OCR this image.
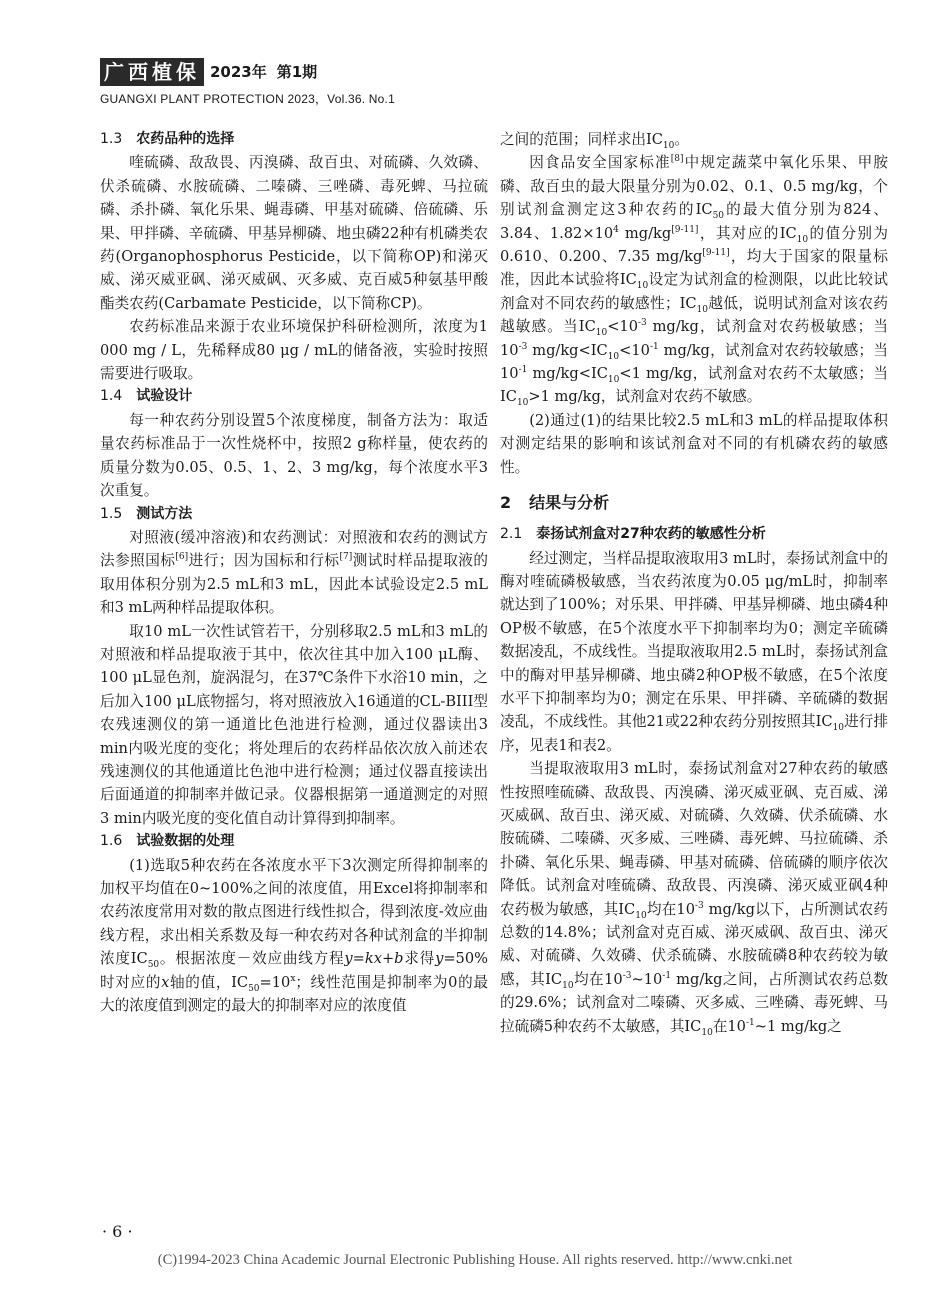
广西植保 2023年 第1期
GUANGXI PLANT PROTECTION 2023，Vol.36. No.1
1.3 农药品种的选择

喹硫磷、敌敌畏、丙溴磷、敌百虫、对硫磷、久效磷、伏杀硫磷、水胺硫磷、二嗪磷、三唑磷、毒死蜱、马拉硫磷、杀扑磷、氧化乐果、蝇毒磷、甲基对硫磷、倍硫磷、乐果、甲拌磷、辛硫磷、甲基异柳磷、地虫磷22种有机磷类农药(Organophosphorus Pesticide，以下简称OP)和涕灭威、涕灭威亚砜、涕灭威砜、灭多威、克百威5种氨基甲酸酯类农药(Carbamate Pesticide，以下简称CP)。

农药标准品来源于农业环境保护科研检测所，浓度为1 000 mg / L，先稀释成80 μg / mL的储备液，实验时按照需要进行吸取。

1.4 试验设计

每一种农药分别设置5个浓度梯度，制备方法为：取适量农药标准品于一次性烧杯中，按照2 g称样量，使农药的质量分数为0.05、0.5、1、2、3 mg/kg，每个浓度水平3次重复。

1.5 测试方法

对照液(缓冲溶液)和农药测试：对照液和农药的测试方法参照国标[6]进行；因为国标和行标[7]测试时样品提取液的取用体积分别为2.5 mL和3 mL，因此本试验设定2.5 mL和3 mL两种样品提取体积。

取10 mL一次性试管若干，分别移取2.5 mL和3 mL的对照液和样品提取液于其中，依次往其中加入100 μL酶、100 μL显色剂，旋涡混匀，在37℃条件下水浴10 min，之后加入100 μL底物摇匀，将对照液放入16通道的CL-BIII型农残速测仪的第一通道比色池进行检测，通过仪器读出3 min内吸光度的变化；将处理后的农药样品依次放入前述农残速测仪的其他通道比色池中进行检测；通过仪器直接读出后面通道的抑制率并做记录。仪器根据第一通道测定的对照3 min内吸光度的变化值自动计算得到抑制率。

1.6 试验数据的处理

(1)选取5种农药在各浓度水平下3次测定所得抑制率的加权平均值在0~100%之间的浓度值，用Excel将抑制率和农药浓度常用对数的散点图进行线性拟合，得到浓度-效应曲线方程，求出相关系数及每一种农药对各种试剂盒的半抑制浓度$IC_{50}$。根据浓度－效应曲线方程y=kx+b求得y=50%时对应的x轴的值，$IC_{50}=10^x$；线性范围是抑制率为0的最大的浓度值到测定的最大的抑制率对应的浓度值

之间的范围；同样求出$IC_{10}$。

因食品安全国家标准[8]中规定蔬菜中氧化乐果、甲胺磷、敌百虫的最大限量分别为0.02、0.1、0.5 mg/kg，个别试剂盒测定这3种农药的$IC_{50}$的最大值分别为824、3.84、$1.82\times 10^4$ mg/kg[9-11]，其对应的$IC_{10}$的值分别为0.610、0.200、7.35 mg/kg[9-11]，均大于国家的限量标准，因此本试验将$IC_{10}$设定为试剂盒的检测限，以此比较试剂盒对不同农药的敏感性；$IC_{10}$越低，说明试剂盒对该农药越敏感。当$IC_{10}<10^{-3}$ mg/kg，试剂盒对农药极敏感；当$10^{-3}$ $mg/kg<IC_{10}<10^{-1}$ mg/kg，试剂盒对农药较敏感；当$10^{-1}$ $mg/kg<IC_{10}<1$ mg/kg，试剂盒对农药不太敏感；当$IC_{10}>1$ mg/kg，试剂盒对农药不敏感。

(2)通过(1)的结果比较2.5 mL和3 mL的样品提取体积对测定结果的影响和该试剂盒对不同的有机磷农药的敏感性。

2 结果与分析
2.1 泰扬试剂盒对27种农药的敏感性分析

经过测定，当样品提取液取用3 mL时，泰扬试剂盒中的酶对喹硫磷极敏感，当农药浓度为0.05 μg/mL时，抑制率就达到了100%；对乐果、甲拌磷、甲基异柳磷、地虫磷4种OP极不敏感，在5个浓度水平下抑制率均为0；测定辛硫磷数据凌乱，不成线性。当提取液取用2.5 mL时，泰扬试剂盒中的酶对甲基异柳磷、地虫磷2种OP极不敏感，在5个浓度水平下抑制率均为0；测定在乐果、甲拌磷、辛硫磷的数据凌乱，不成线性。其他21或22种农药分别按照其$IC_{10}$进行排序，见表1和表2。

当提取液取用3 mL时，泰扬试剂盒对27种农药的敏感性按照喹硫磷、敌敌畏、丙溴磷、涕灭威亚砜、克百威、涕灭威砜、敌百虫、涕灭威、对硫磷、久效磷、伏杀硫磷、水胺硫磷、二嗪磷、灭多威、三唑磷、毒死蜱、马拉硫磷、杀扑磷、氧化乐果、蝇毒磷、甲基对硫磷、倍硫磷的顺序依次降低。试剂盒对喹硫磷、敌敌畏、丙溴磷、涕灭威亚砜4种农药极为敏感，其$IC_{10}$均在$10^{-3}$ mg/kg以下，占所测试农药总数的14.8%；试剂盒对克百威、涕灭威砜、敌百虫、涕灭威、对硫磷、久效磷、伏杀硫磷、水胺硫磷8种农药较为敏感，其$IC_{10}$均在$10^{-3}\sim 10^{-1}$ mg/kg之间，占所测试农药总数的29.6%；试剂盒对二嗪磷、灭多威、三唑磷、毒死蜱、马拉硫磷5种农药不太敏感，其$IC_{10}$在$10^{-1}\sim 1$ mg/kg之

· 6 ·
(C)1994-2023 China Academic Journal Electronic Publishing House. All rights reserved. http://www.cnki.net
